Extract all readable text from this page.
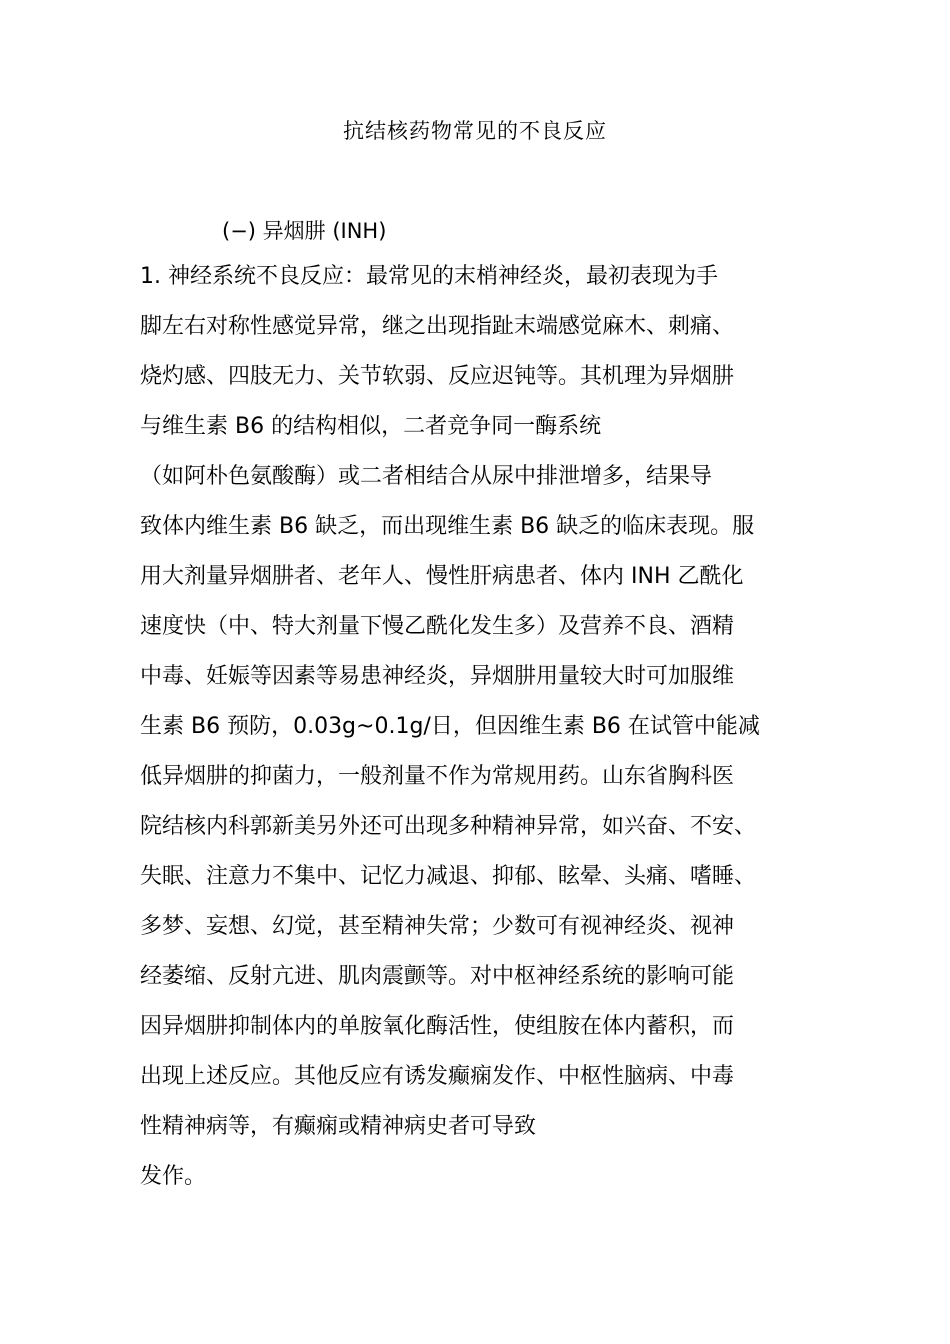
抗结核药物常见的不良反应
(−) 异烟肼 (INH)
1. 神经系统不良反应：最常见的末梢神经炎，最初表现为手
脚左右对称性感觉异常，继之出现指趾末端感觉麻木、刺痛、
烧灼感、四肢无力、关节软弱、反应迟钝等。其机理为异烟肼
与维生素 B6 的结构相似，二者竞争同一酶系统
（如阿朴色氨酸酶）或二者相结合从尿中排泄增多，结果导
致体内维生素 B6 缺乏，而出现维生素 B6 缺乏的临床表现。服
用大剂量异烟肼者、老年人、慢性肝病患者、体内 INH 乙酰化
速度快（中、特大剂量下慢乙酰化发生多）及营养不良、酒精
中毒、妊娠等因素等易患神经炎，异烟肼用量较大时可加服维
生素 B6 预防，0.03g~0.1g/日，但因维生素 B6 在试管中能减
低异烟肼的抑菌力，一般剂量不作为常规用药。山东省胸科医
院结核内科郭新美另外还可出现多种精神异常，如兴奋、不安、
失眠、注意力不集中、记忆力减退、抑郁、眩晕、头痛、嗜睡、
多梦、妄想、幻觉，甚至精神失常；少数可有视神经炎、视神
经萎缩、反射亢进、肌肉震颤等。对中枢神经系统的影响可能
因异烟肼抑制体内的单胺氧化酶活性，使组胺在体内蓄积，而
出现上述反应。其他反应有诱发癫痫发作、中枢性脑病、中毒
性精神病等，有癫痫或精神病史者可导致
发作。
